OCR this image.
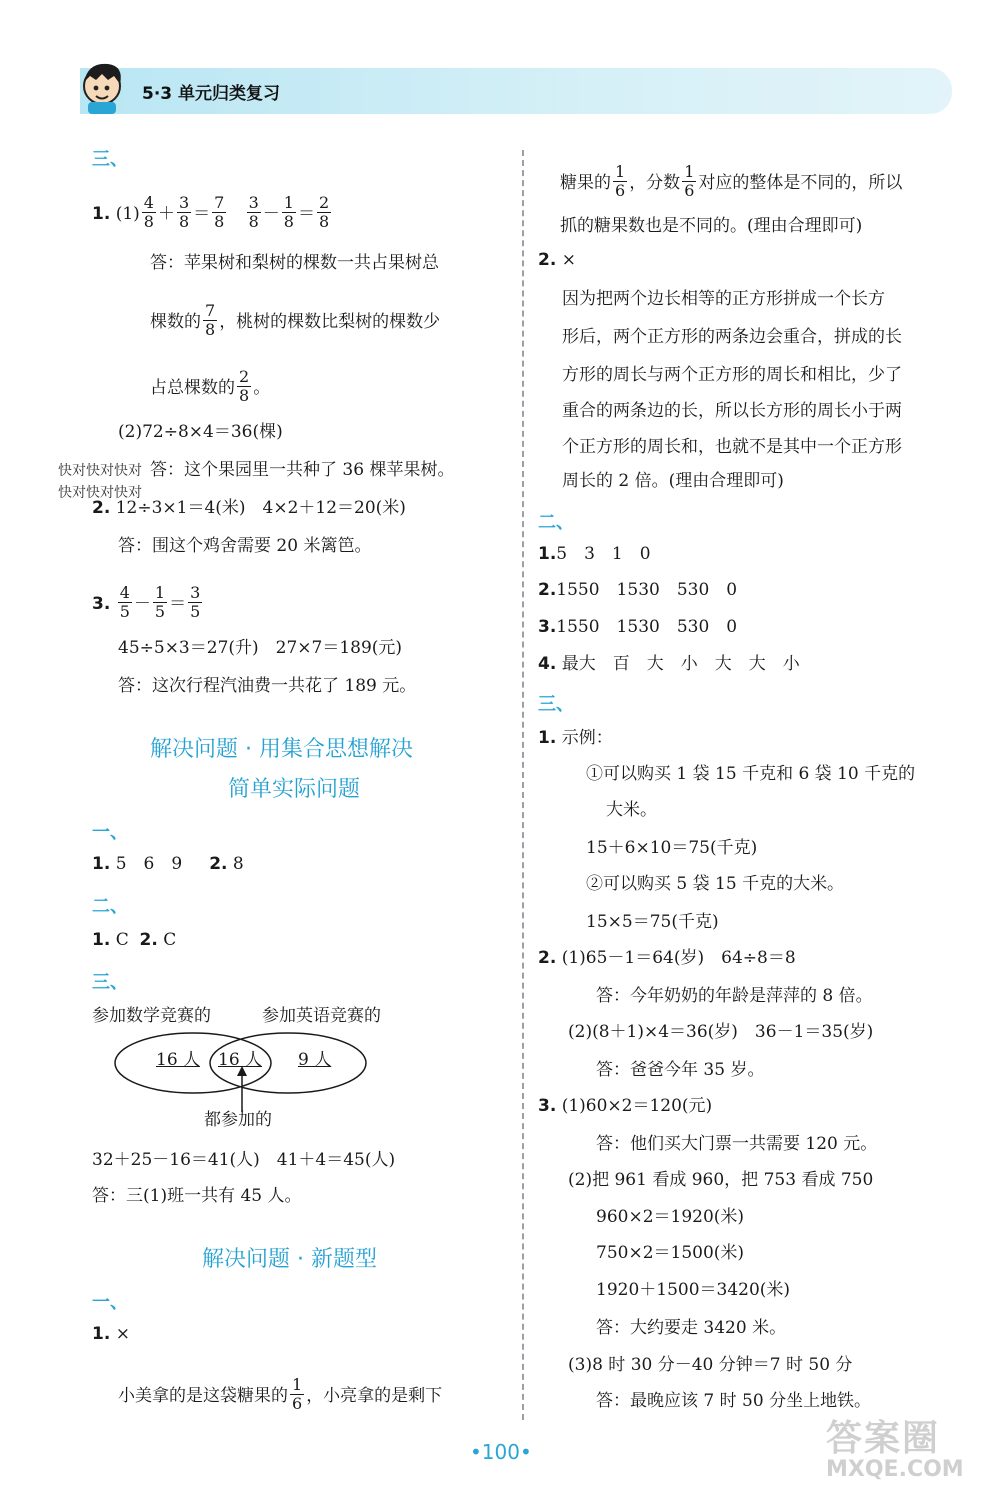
5·3 单元归类复习
三、
1. $(1) \frac{4}{8} + \frac{3}{8} = \frac{7}{8}$
$\frac{3}{8} - \frac{1}{8} = \frac{2}{8}$
答：苹果树和梨树的棵数一共占果树总
棵数的 $\frac{7}{8}$ ，桃树的棵数比梨树的棵数少
占总棵数的 $\frac{2}{8}$ 。
(2)72÷8×4＝36(棵)
快对快对快对 答：这个果园里一共种了 36 棵苹果树。
快对快对快对
2. 12÷3×1＝4(米)　4×2＋12＝20(米)
答：围这个鸡舍需要 20 米篱笆。
3. $\frac{4}{5} - \frac{1}{5} = \frac{3}{5}$
45÷5×3＝27(升)　27×7＝189(元)
答：这次行程汽油费一共花了 189 元。
解决问题 · 用集合思想解决
简单实际问题
一、
1. 5　6　9 2. 8
二、
1. C 2. C
三、
参加数学竞赛的	参加英语竞赛的
16 人 16 人 9 人
都参加的
32＋25－16＝41(人)　41＋4＝45(人)
答：三(1)班一共有 45 人。
解决问题 · 新题型
一、
1. ×
小美拿的是这袋糖果的 $\frac{1}{6}$ ，小亮拿的是剩下
糖果的 $\frac{1}{6}$ ，分数 $\frac{1}{6}$ 对应的整体是不同的，所以
抓的糖果数也是不同的。(理由合理即可)
2. ×
因为把两个边长相等的正方形拼成一个长方
形后，两个正方形的两条边会重合，拼成的长
方形的周长与两个正方形的周长和相比，少了
重合的两条边的长，所以长方形的周长小于两
个正方形的周长和，也就不是其中一个正方形
周长的 2 倍。(理由合理即可)
二、
1.5　3　1　0
2.1550　1530　530　0
3.1550　1530　530　0
4. 最大　百　大　小　大　大　小
三、
1. 示例：
①可以购买 1 袋 15 千克和 6 袋 10 千克的
大米。
15＋6×10＝75(千克)
②可以购买 5 袋 15 千克的大米。
15×5＝75(千克)
2. (1)65－1＝64(岁)　64÷8＝8
答：今年奶奶的年龄是萍萍的 8 倍。
(2)(8＋1)×4＝36(岁)　36－1＝35(岁)
答：爸爸今年 35 岁。
3. (1)60×2＝120(元)
答：他们买大门票一共需要 120 元。
(2)把 961 看成 960，把 753 看成 750
960×2＝1920(米)
750×2＝1500(米)
1920＋1500＝3420(米)
答：大约要走 3420 米。
(3)8 时 30 分－40 分钟＝7 时 50 分
答：最晚应该 7 时 50 分坐上地铁。
•100•	答案圈
MXQE.COM
